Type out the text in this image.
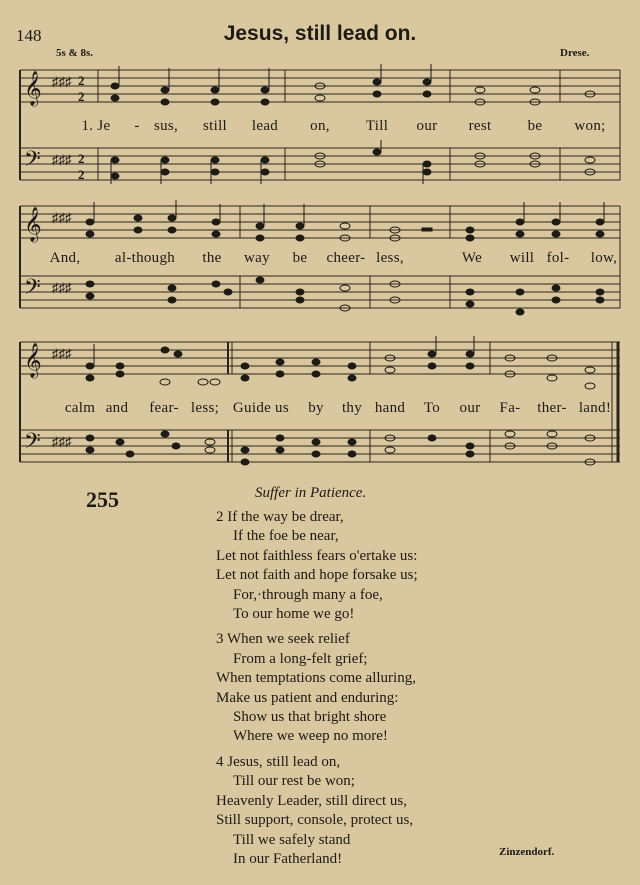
148	Jesus, still lead on.
5s & 8s.	Drese.
𝄞
𝄢
♯♯♯
♯♯♯
2
2
2
2
1. Je - sus, still lead on, Till our rest be won;
𝄞
𝄢
♯♯♯
♯♯♯
And, al-though the way be cheer- less,	We will fol- low,
𝄞
𝄢
♯♯♯
♯♯♯
calm and fear- less; Guide us by thy hand To our Fa- ther- land!
255	Suffer in Patience.
2 If the way be drear,
If the foe be near,
Let not faithless fears o'ertake us:
Let not faith and hope forsake us;
For,·through many a foe,
To our home we go!
3 When we seek relief
From a long-felt grief;
When temptations come alluring,
Make us patient and enduring:
Show us that bright shore
Where we weep no more!
4 Jesus, still lead on,
Till our rest be won;
Heavenly Leader, still direct us,
Still support, console, protect us,
Till we safely stand
In our Fatherland!	Zinzendorf.
